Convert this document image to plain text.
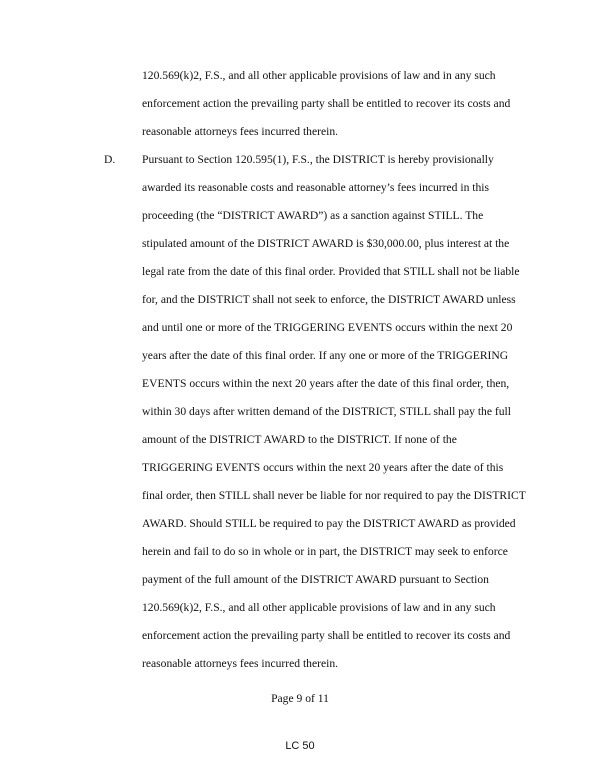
120.569(k)2, F.S., and all other applicable provisions of law and in any such
enforcement action the prevailing party shall be entitled to recover its costs and
reasonable attorneys fees incurred therein.
D. Pursuant to Section 120.595(1), F.S., the DISTRICT is hereby provisionally
awarded its reasonable costs and reasonable attorney’s fees incurred in this
proceeding (the “DISTRICT AWARD”) as a sanction against STILL. The
stipulated amount of the DISTRICT AWARD is $30,000.00, plus interest at the
legal rate from the date of this final order. Provided that STILL shall not be liable
for, and the DISTRICT shall not seek to enforce, the DISTRICT AWARD unless
and until one or more of the TRIGGERING EVENTS occurs within the next 20
years after the date of this final order. If any one or more of the TRIGGERING
EVENTS occurs within the next 20 years after the date of this final order, then,
within 30 days after written demand of the DISTRICT, STILL shall pay the full
amount of the DISTRICT AWARD to the DISTRICT. If none of the
TRIGGERING EVENTS occurs within the next 20 years after the date of this
final order, then STILL shall never be liable for nor required to pay the DISTRICT
AWARD. Should STILL be required to pay the DISTRICT AWARD as provided
herein and fail to do so in whole or in part, the DISTRICT may seek to enforce
payment of the full amount of the DISTRICT AWARD pursuant to Section
120.569(k)2, F.S., and all other applicable provisions of law and in any such
enforcement action the prevailing party shall be entitled to recover its costs and
reasonable attorneys fees incurred therein.
Page 9 of 11
LC 50
